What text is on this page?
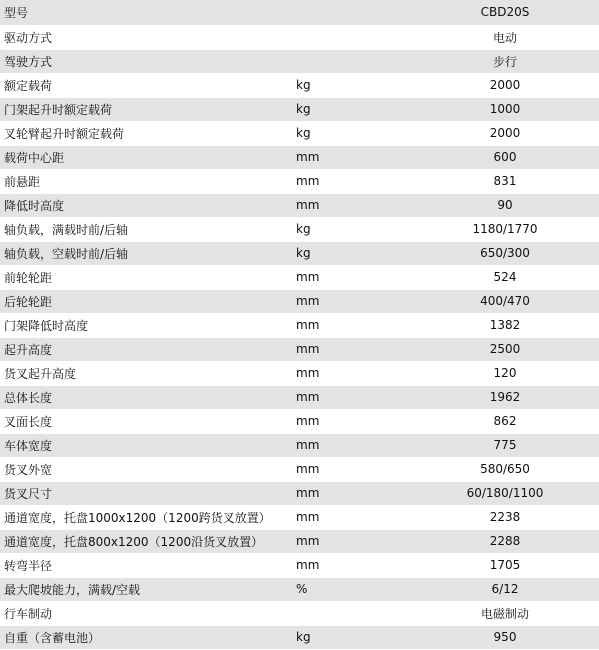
型号		CBD20S
驱动方式		电动
驾驶方式		步行
额定载荷	kg	2000
门架起升时额定载荷	kg	1000
叉轮臂起升时额定载荷	kg	2000
载荷中心距	mm	600
前悬距	mm	831
降低时高度	mm	90
轴负载，满载时前/后轴	kg	1180/1770
轴负载，空载时前/后轴	kg	650/300
前轮轮距	mm	524
后轮轮距	mm	400/470
门架降低时高度	mm	1382
起升高度	mm	2500
货叉起升高度	mm	120
总体长度	mm	1962
叉面长度	mm	862
车体宽度	mm	775
货叉外宽	mm	580/650
货叉尺寸	mm	60/180/1100
通道宽度，托盘1000x1200（1200跨货叉放置）	mm	2238
通道宽度，托盘800x1200（1200沿货叉放置）	mm	2288
转弯半径	mm	1705
最大爬坡能力，满载/空载	%	6/12
行车制动		电磁制动
自重（含蓄电池）	kg	950
